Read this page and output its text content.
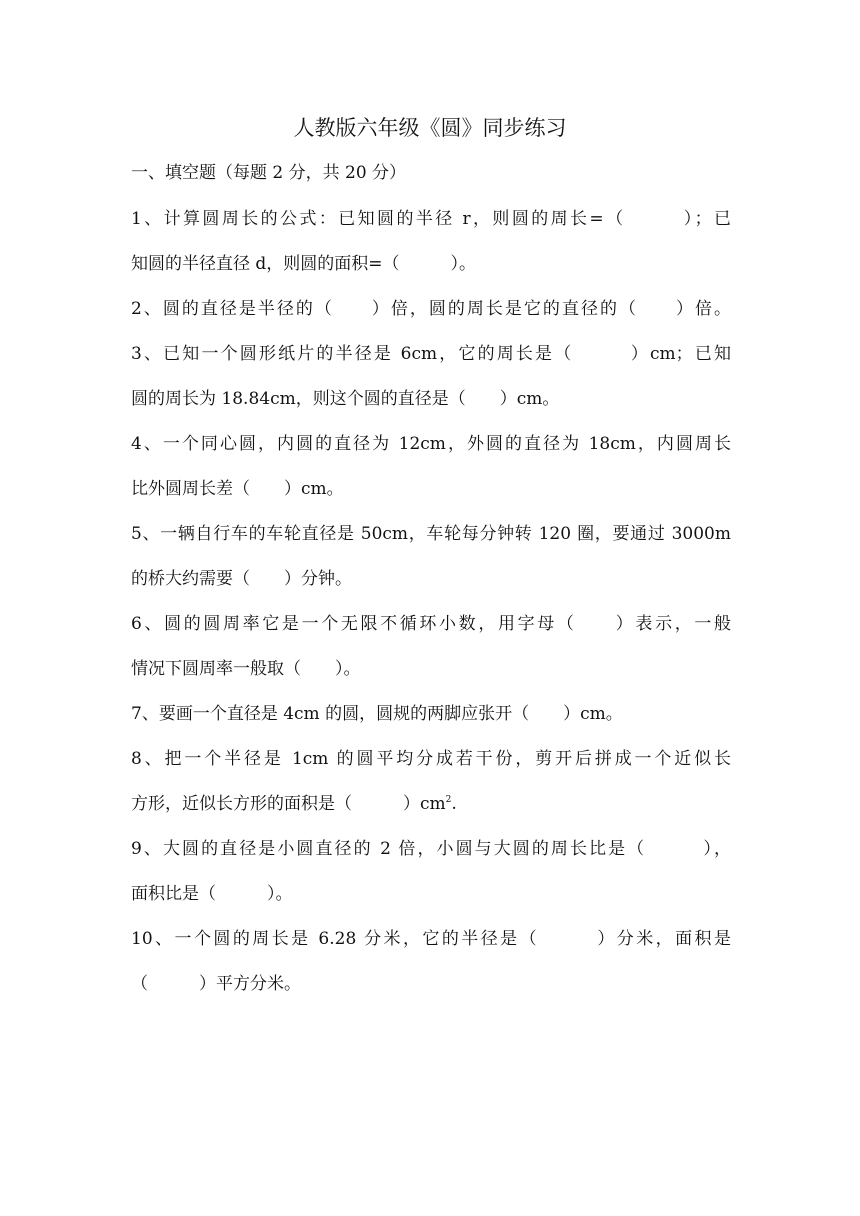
人教版六年级《圆》同步练习
一、填空题（每题 2 分，共 20 分）
1、计算圆周长的公式：已知圆的半径 r，则圆的周长=（　　　）；已
知圆的半径直径 d，则圆的面积=（　　　）。
2、圆的直径是半径的（　　）倍，圆的周长是它的直径的（　　）倍。
3、已知一个圆形纸片的半径是 6cm，它的周长是（　　　）cm；已知
圆的周长为 18.84cm，则这个圆的直径是（　　）cm。
4、一个同心圆，内圆的直径为 12cm，外圆的直径为 18cm，内圆周长
比外圆周长差（　　）cm。
5、一辆自行车的车轮直径是 50cm，车轮每分钟转 120 圈，要通过 3000m
的桥大约需要（　　）分钟。
6、圆的圆周率它是一个无限不循环小数，用字母（　　）表示，一般
情况下圆周率一般取（　　）。
7、要画一个直径是 4cm 的圆，圆规的两脚应张开（　　）cm。
8、把一个半径是 1cm 的圆平均分成若干份，剪开后拼成一个近似长
方形，近似长方形的面积是（　　　）$cm^2$.
9、大圆的直径是小圆直径的 2 倍，小圆与大圆的周长比是（　　　），
面积比是（　　　）。
10、一个圆的周长是 6.28 分米，它的半径是（　　　）分米，面积是
（　　　）平方分米。
